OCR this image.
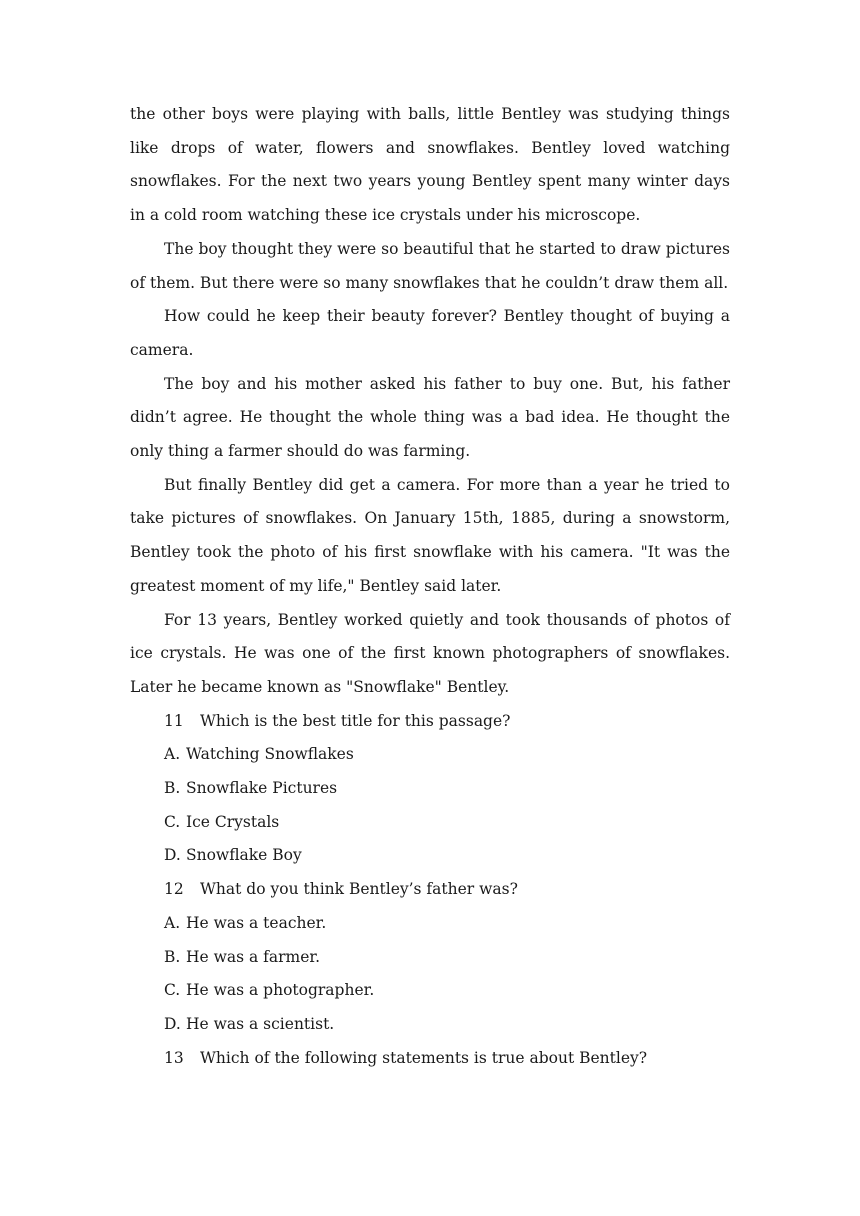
the other boys were playing with balls, little Bentley was studying things like drops of water, flowers and snowflakes. Bentley loved watching snowflakes. For the next two years young Bentley spent many winter days in a cold room watching these ice crystals under his microscope.

The boy thought they were so beautiful that he started to draw pictures of them. But there were so many snowflakes that he couldn’t draw them all.

How could he keep their beauty forever? Bentley thought of buying a camera.

The boy and his mother asked his father to buy one. But, his father didn’t agree. He thought the whole thing was a bad idea. He thought the only thing a farmer should do was farming.

But finally Bentley did get a camera. For more than a year he tried to take pictures of snowflakes. On January 15th, 1885, during a snowstorm, Bentley took the photo of his first snowflake with his camera. "It was the greatest moment of my life," Bentley said later.

For 13 years, Bentley worked quietly and took thousands of photos of ice crystals. He was one of the first known photographers of snowflakes. Later he became known as "Snowflake" Bentley.

11 Which is the best title for this passage?

A. Watching Snowflakes

B. Snowflake Pictures

C. Ice Crystals

D. Snowflake Boy

12 What do you think Bentley’s father was?

A. He was a teacher.

B. He was a farmer.

C. He was a photographer.

D. He was a scientist.

13 Which of the following statements is true about Bentley?
